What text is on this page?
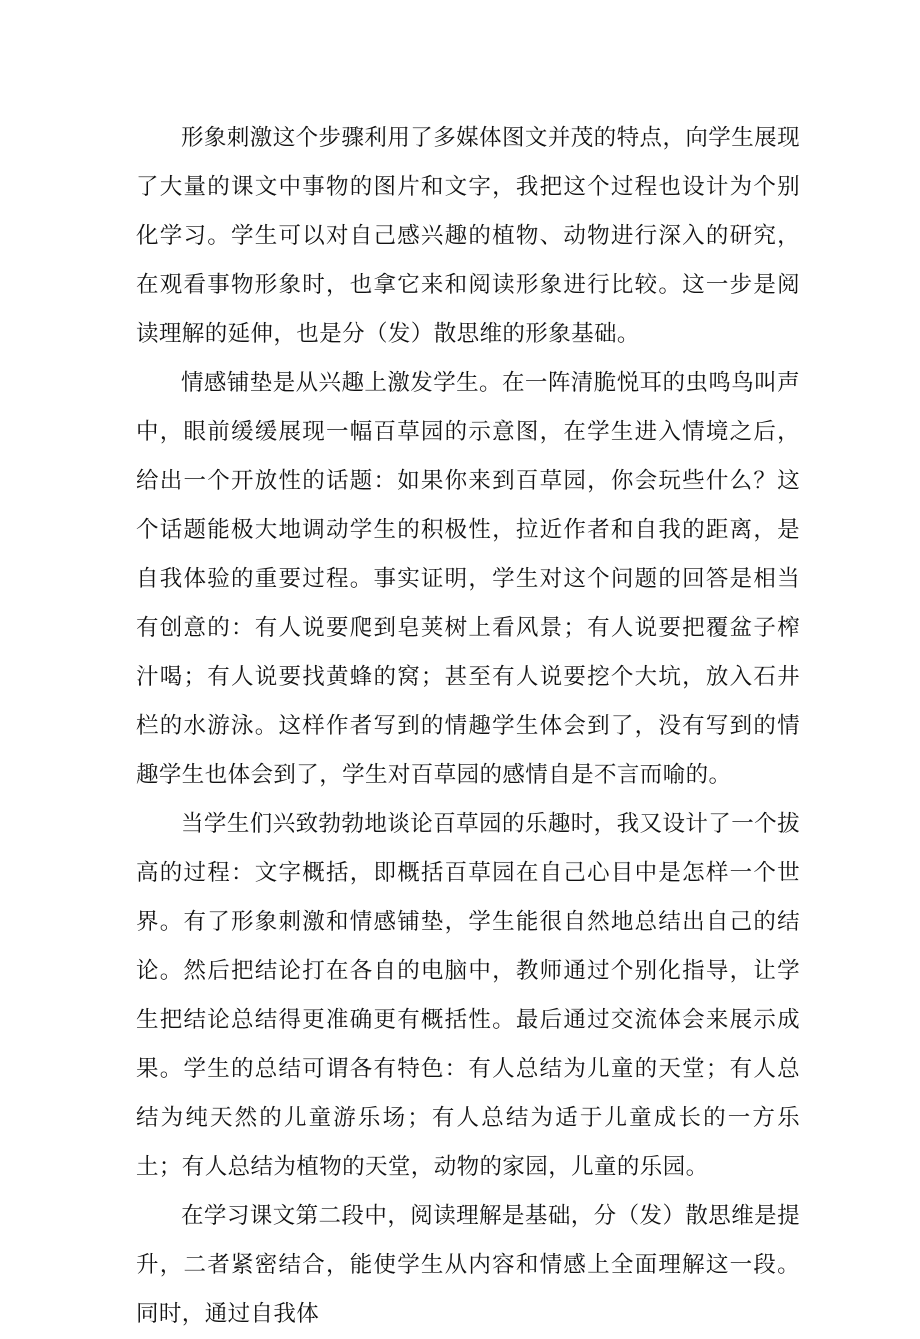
形象刺激这个步骤利用了多媒体图文并茂的特点，向学生展现了大量的课文中事物的图片和文字，我把这个过程也设计为个别化学习。学生可以对自己感兴趣的植物、动物进行深入的研究，在观看事物形象时，也拿它来和阅读形象进行比较。这一步是阅读理解的延伸，也是分（发）散思维的形象基础。

情感铺垫是从兴趣上激发学生。在一阵清脆悦耳的虫鸣鸟叫声中，眼前缓缓展现一幅百草园的示意图，在学生进入情境之后，给出一个开放性的话题：如果你来到百草园，你会玩些什么？这个话题能极大地调动学生的积极性，拉近作者和自我的距离，是自我体验的重要过程。事实证明，学生对这个问题的回答是相当有创意的：有人说要爬到皂荚树上看风景；有人说要把覆盆子榨汁喝；有人说要找黄蜂的窝；甚至有人说要挖个大坑，放入石井栏的水游泳。这样作者写到的情趣学生体会到了，没有写到的情趣学生也体会到了，学生对百草园的感情自是不言而喻的。

当学生们兴致勃勃地谈论百草园的乐趣时，我又设计了一个拔高的过程：文字概括，即概括百草园在自己心目中是怎样一个世界。有了形象刺激和情感铺垫，学生能很自然地总结出自己的结论。然后把结论打在各自的电脑中，教师通过个别化指导，让学生把结论总结得更准确更有概括性。最后通过交流体会来展示成果。学生的总结可谓各有特色：有人总结为儿童的天堂；有人总结为纯天然的儿童游乐场；有人总结为适于儿童成长的一方乐土；有人总结为植物的天堂，动物的家园，儿童的乐园。

在学习课文第二段中，阅读理解是基础，分（发）散思维是提升，二者紧密结合，能使学生从内容和情感上全面理解这一段。同时，通过自我体
